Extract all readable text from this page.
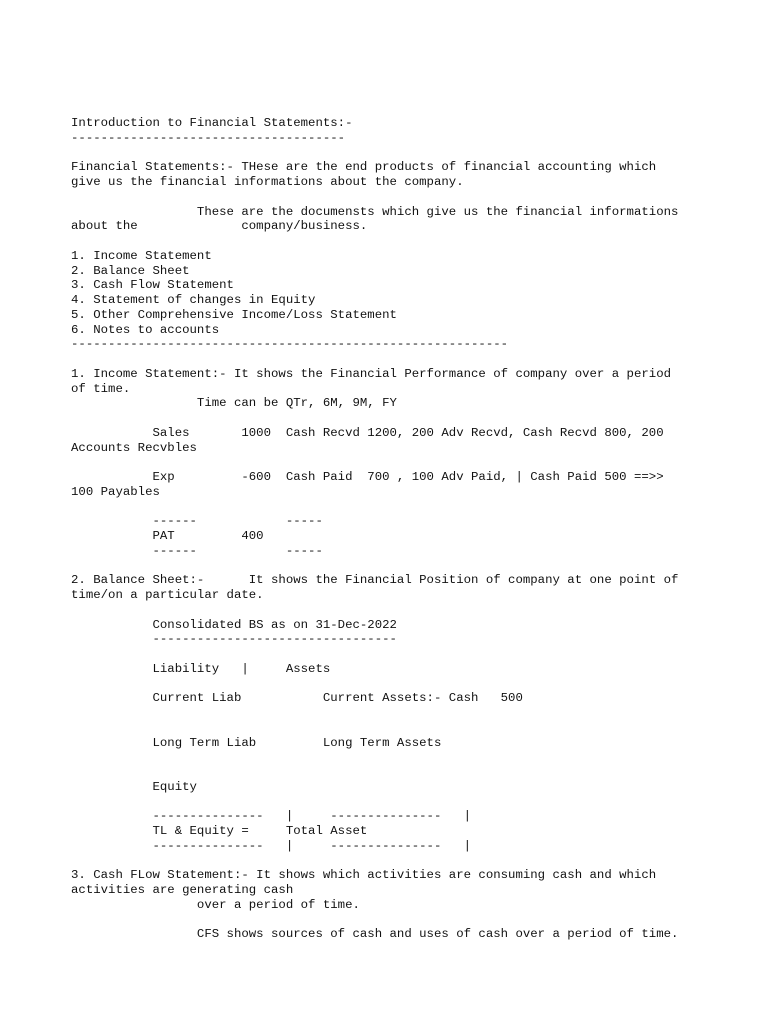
Introduction to Financial Statements:-
-------------------------------------
Financial Statements:- THese are the end products of financial accounting which
give us the financial informations about the company.
These are the documensts which give us the financial informations
about the              company/business.
1. Income Statement
2. Balance Sheet
3. Cash Flow Statement
4. Statement of changes in Equity
5. Other Comprehensive Income/Loss Statement
6. Notes to accounts
-----------------------------------------------------------
1. Income Statement:- It shows the Financial Performance of company over a period
of time.
Time can be QTr, 6M, 9M, FY
Sales       1000  Cash Recvd 1200, 200 Adv Recvd, Cash Recvd 800, 200
Accounts Recvbles
Exp         -600  Cash Paid  700 , 100 Adv Paid, | Cash Paid 500 ==>>
100 Payables
------            -----
PAT         400
------            -----
2. Balance Sheet:-      It shows the Financial Position of company at one point of
time/on a particular date.
Consolidated BS as on 31-Dec-2022
---------------------------------
Liability   |     Assets
Current Liab           Current Assets:- Cash   500
Long Term Liab         Long Term Assets
Equity
---------------   |     ---------------   |
TL & Equity =     Total Asset
---------------   |     ---------------   |
3. Cash FLow Statement:- It shows which activities are consuming cash and which
activities are generating cash
over a period of time.
CFS shows sources of cash and uses of cash over a period of time.
